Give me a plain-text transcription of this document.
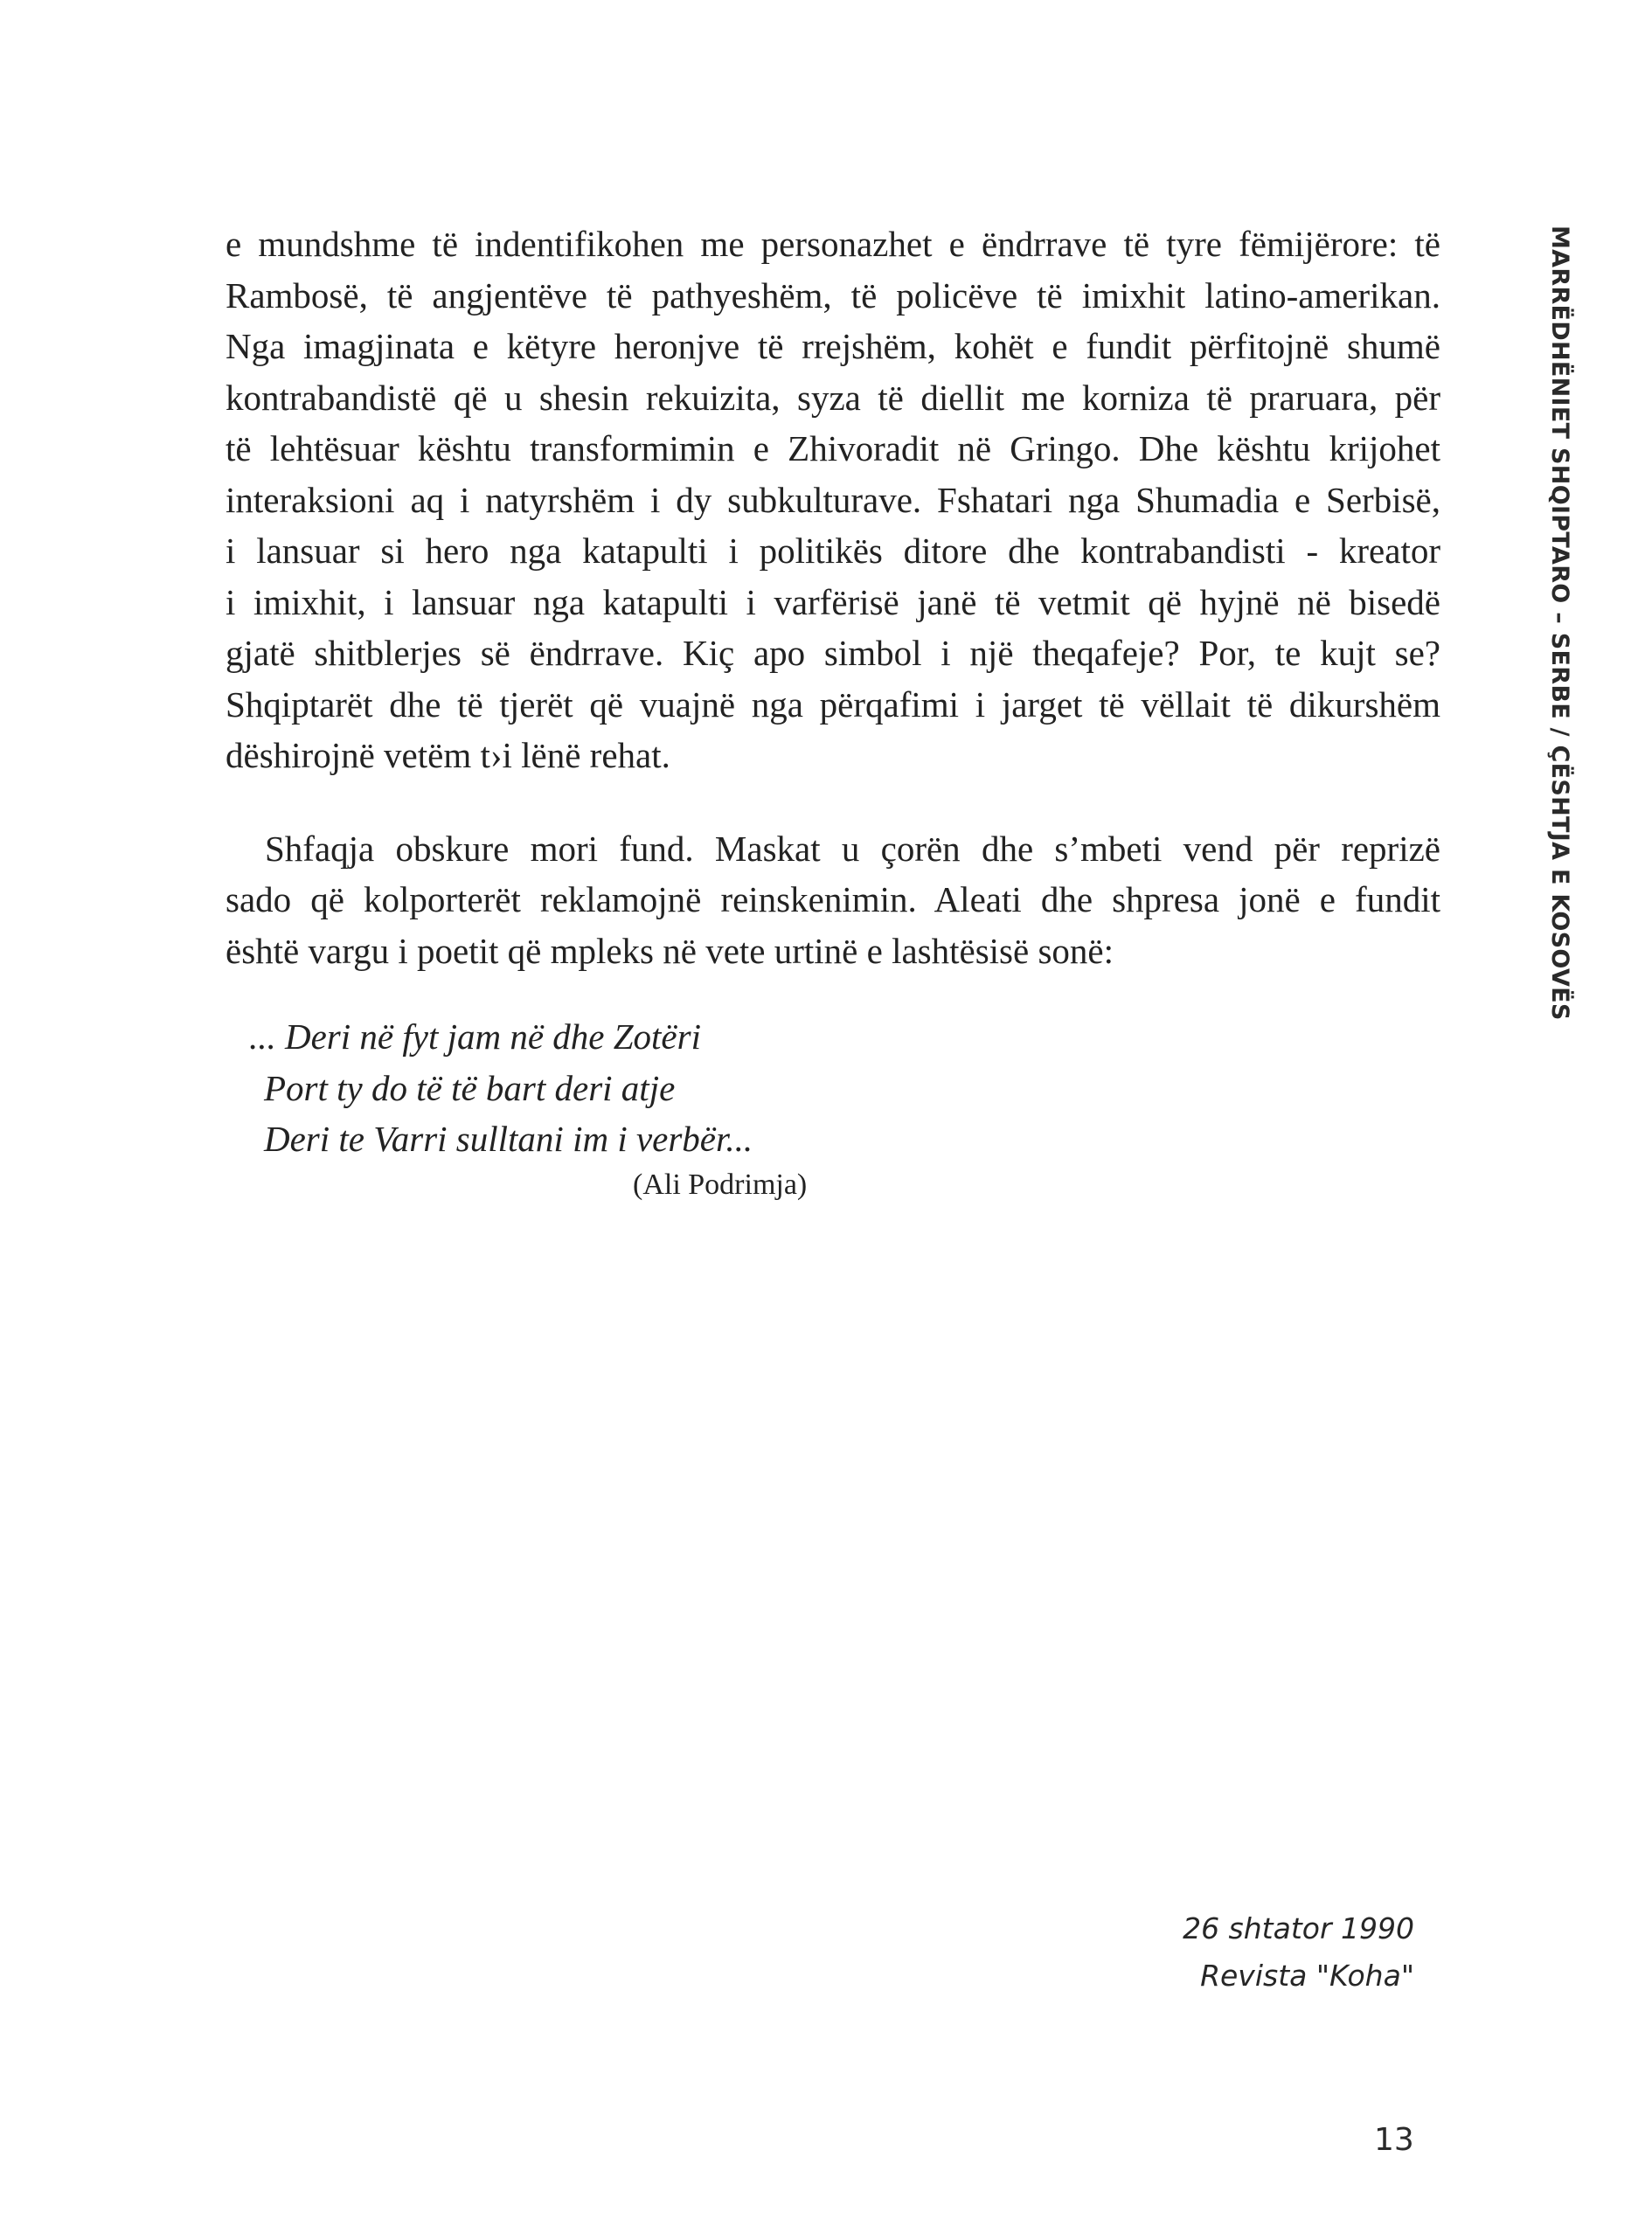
MARRËDHËNIET SHQIPTARO – SERBE / ÇËSHTJA E KOSOVËS
e mundshme të indentifikohen me personazhet e ëndrrave të tyre fëmijërore: të
Rambosë, të angjentëve të pathyeshëm, të policëve të imixhit latino-amerikan.
Nga imagjinata e këtyre heronjve të rrejshëm, kohët e fundit përfitojnë shumë
kontrabandistë që u shesin rekuizita, syza të diellit me korniza të praruara, për
të lehtësuar kështu transformimin e Zhivoradit në Gringo. Dhe kështu krijohet
interaksioni aq i natyrshëm i dy subkulturave. Fshatari nga Shumadia e Serbisë,
i lansuar si hero nga katapulti i politikës ditore dhe kontrabandisti - kreator
i imixhit, i lansuar nga katapulti i varfërisë janë të vetmit që hyjnë në bisedë
gjatë shitblerjes së ëndrrave. Kiç apo simbol i një theqafeje? Por, te kujt se?
Shqiptarët dhe të tjerët që vuajnë nga përqafimi i jarget të vëllait të dikurshëm
dëshirojnë vetëm t›i lënë rehat.
Shfaqja obskure mori fund. Maskat u çorën dhe s’mbeti vend për reprizë
sado që kolporterët reklamojnë reinskenimin. Aleati dhe shpresa jonë e fundit
është vargu i poetit që mpleks në vete urtinë e lashtësisë sonë:
... Deri në fyt jam në dhe Zotëri
Port ty do të të bart deri atje
Deri te Varri sulltani im i verbër...
(Ali Podrimja)
26 shtator 1990
Revista "Koha"
13
